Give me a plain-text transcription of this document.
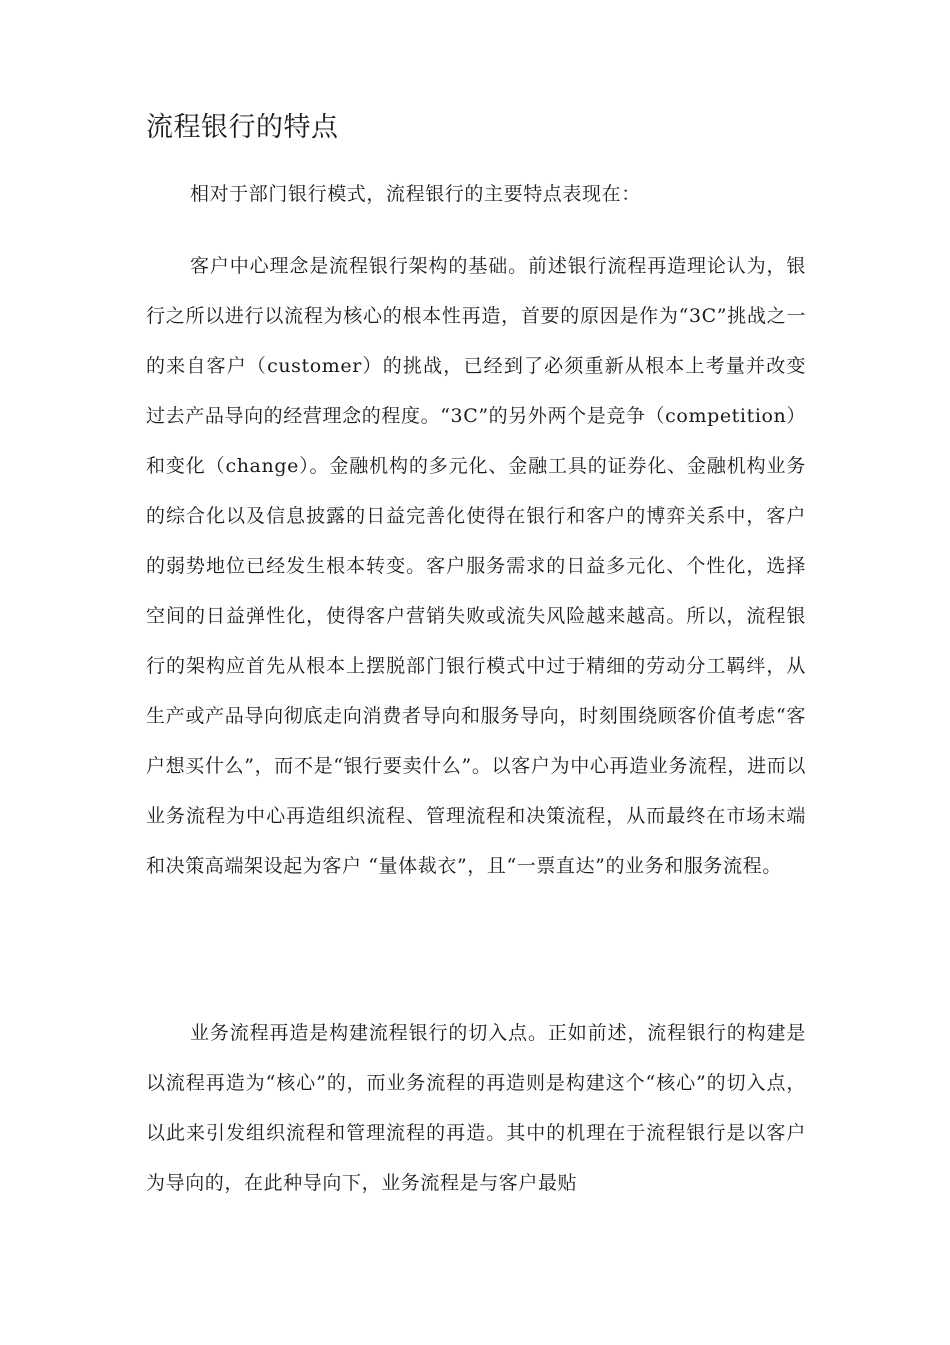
流程银行的特点

相对于部门银行模式，流程银行的主要特点表现在：

客户中心理念是流程银行架构的基础。前述银行流程再造理论认为，银行之所以进行以流程为核心的根本性再造，首要的原因是作为“3C”挑战之一的来自客户（customer）的挑战，已经到了必须重新从根本上考量并改变过去产品导向的经营理念的程度。“3C”的另外两个是竞争（competition）和变化（change）。金融机构的多元化、金融工具的证券化、金融机构业务的综合化以及信息披露的日益完善化使得在银行和客户的博弈关系中，客户的弱势地位已经发生根本转变。客户服务需求的日益多元化、个性化，选择空间的日益弹性化，使得客户营销失败或流失风险越来越高。所以，流程银行的架构应首先从根本上摆脱部门银行模式中过于精细的劳动分工羁绊，从生产或产品导向彻底走向消费者导向和服务导向，时刻围绕顾客价值考虑“客户想买什么”，而不是“银行要卖什么”。以客户为中心再造业务流程，进而以业务流程为中心再造组织流程、管理流程和决策流程，从而最终在市场末端和决策高端架设起为客户 “量体裁衣”，且“一票直达”的业务和服务流程。

业务流程再造是构建流程银行的切入点。正如前述，流程银行的构建是以流程再造为“核心”的，而业务流程的再造则是构建这个“核心”的切入点，以此来引发组织流程和管理流程的再造。其中的机理在于流程银行是以客户为导向的，在此种导向下，业务流程是与客户最贴
